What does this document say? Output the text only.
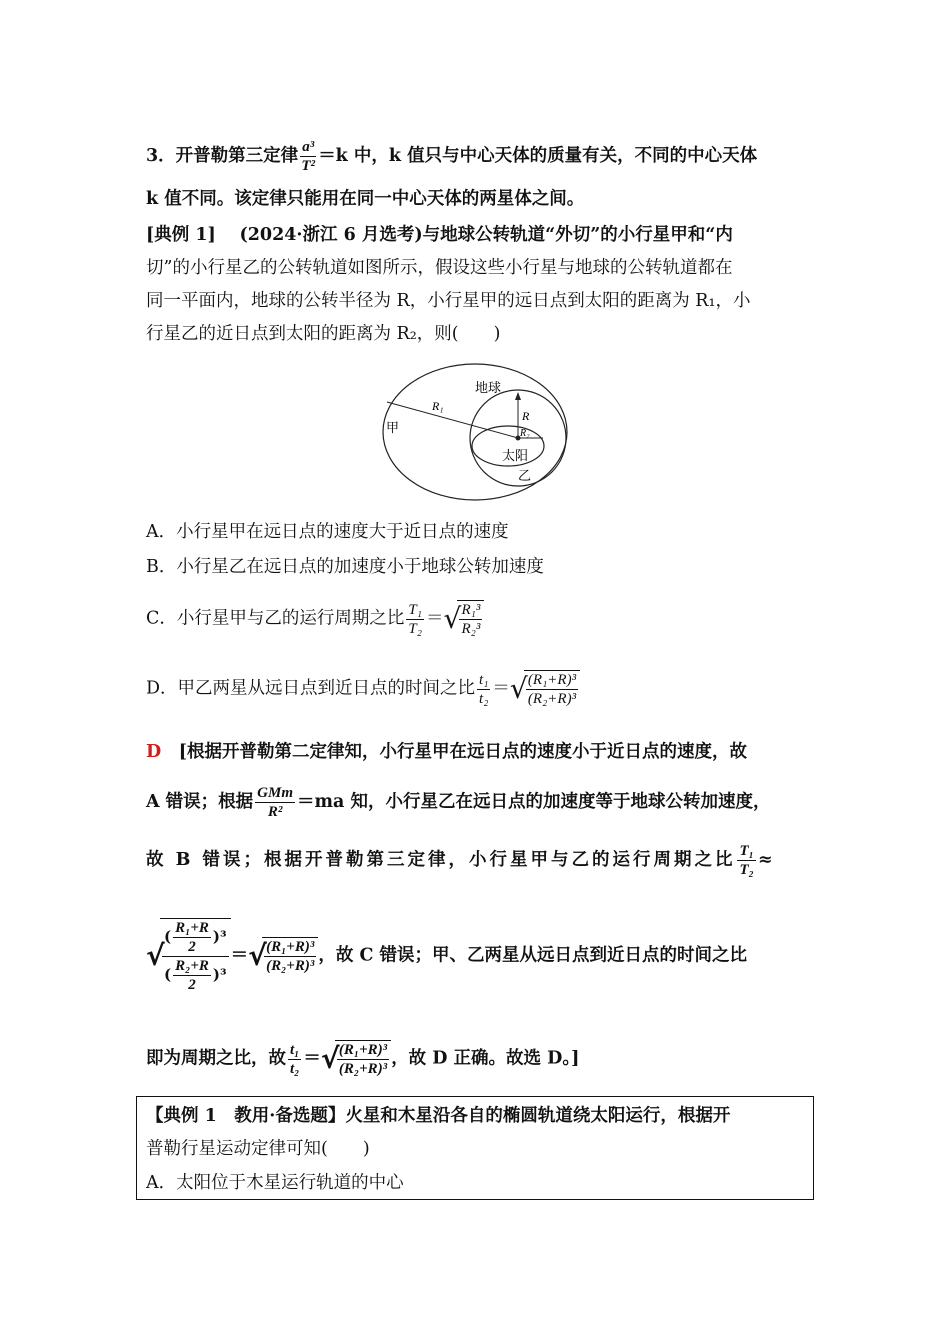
3．开普勒第三定律 $\frac{\text{a³}}{\text{T²}} =k$ 中，k 值只与中心天体的质量有关，不同的中心天体
k 值不同。该定律只能用在同一中心天体的两星体之间。
[典例 1]　 (2024·浙江 6 月选考)与地球公转轨道“外切”的小行星甲和“内
切”的小行星乙的公转轨道如图所示，假设这些小行星与地球的公转轨道都在
同一平面内，地球的公转半径为 R，小行星甲的远日点到太阳的距离为 R₁，小
行星乙的近日点到太阳的距离为 R₂，则(　　)
地球
甲
乙
太阳
R₁
R
R₂
A．小行星甲在远日点的速度大于近日点的速度
B．小行星乙在远日点的加速度小于地球公转加速度
C．小行星甲与乙的运行周期之比 $\frac{\text{T₁}}{\text{T₂}}$ ＝ √ $\frac{\text{R₁³}}{\text{R₂³}}$
D．甲乙两星从远日点到近日点的时间之比 $\frac{\text{t₁}}{\text{t₂}}$ ＝ √ $\frac{\text{(R₁+R)³}}{\text{(R₂+R)³}}$
D　 [根据开普勒第二定律知，小行星甲在远日点的速度小于近日点的速度，故
A 错误；根据 $\frac{\text{GMm}}{\text{R²}} =ma$ 知，小行星乙在远日点的加速度等于地球公转加速度，
故 B 错误；根据开普勒第三定律，小行星甲与乙的运行周期之比 $\frac{\text{T₁}}{\text{T₂}}$ ≈
√ $\frac{( \frac{\text{R₁+R}}{2} )^3}{( \frac{\text{R₂+R}}{2} )^3}$ ＝ √ $\frac{\text{(R₁+R)³}}{\text{(R₂+R)³}}$ ，故 C 错误；甲、乙两星从远日点到近日点的时间之比
即为周期之比，故 $\frac{\text{t₁}}{\text{t₂}}$ ＝ √ $\frac{\text{(R₁+R)³}}{\text{(R₂+R)³}}$ ，故 D 正确。故选 D。]
【典例 1　教用·备选题】火星和木星沿各自的椭圆轨道绕太阳运行，根据开
普勒行星运动定律可知(　　)
A．太阳位于木星运行轨道的中心
